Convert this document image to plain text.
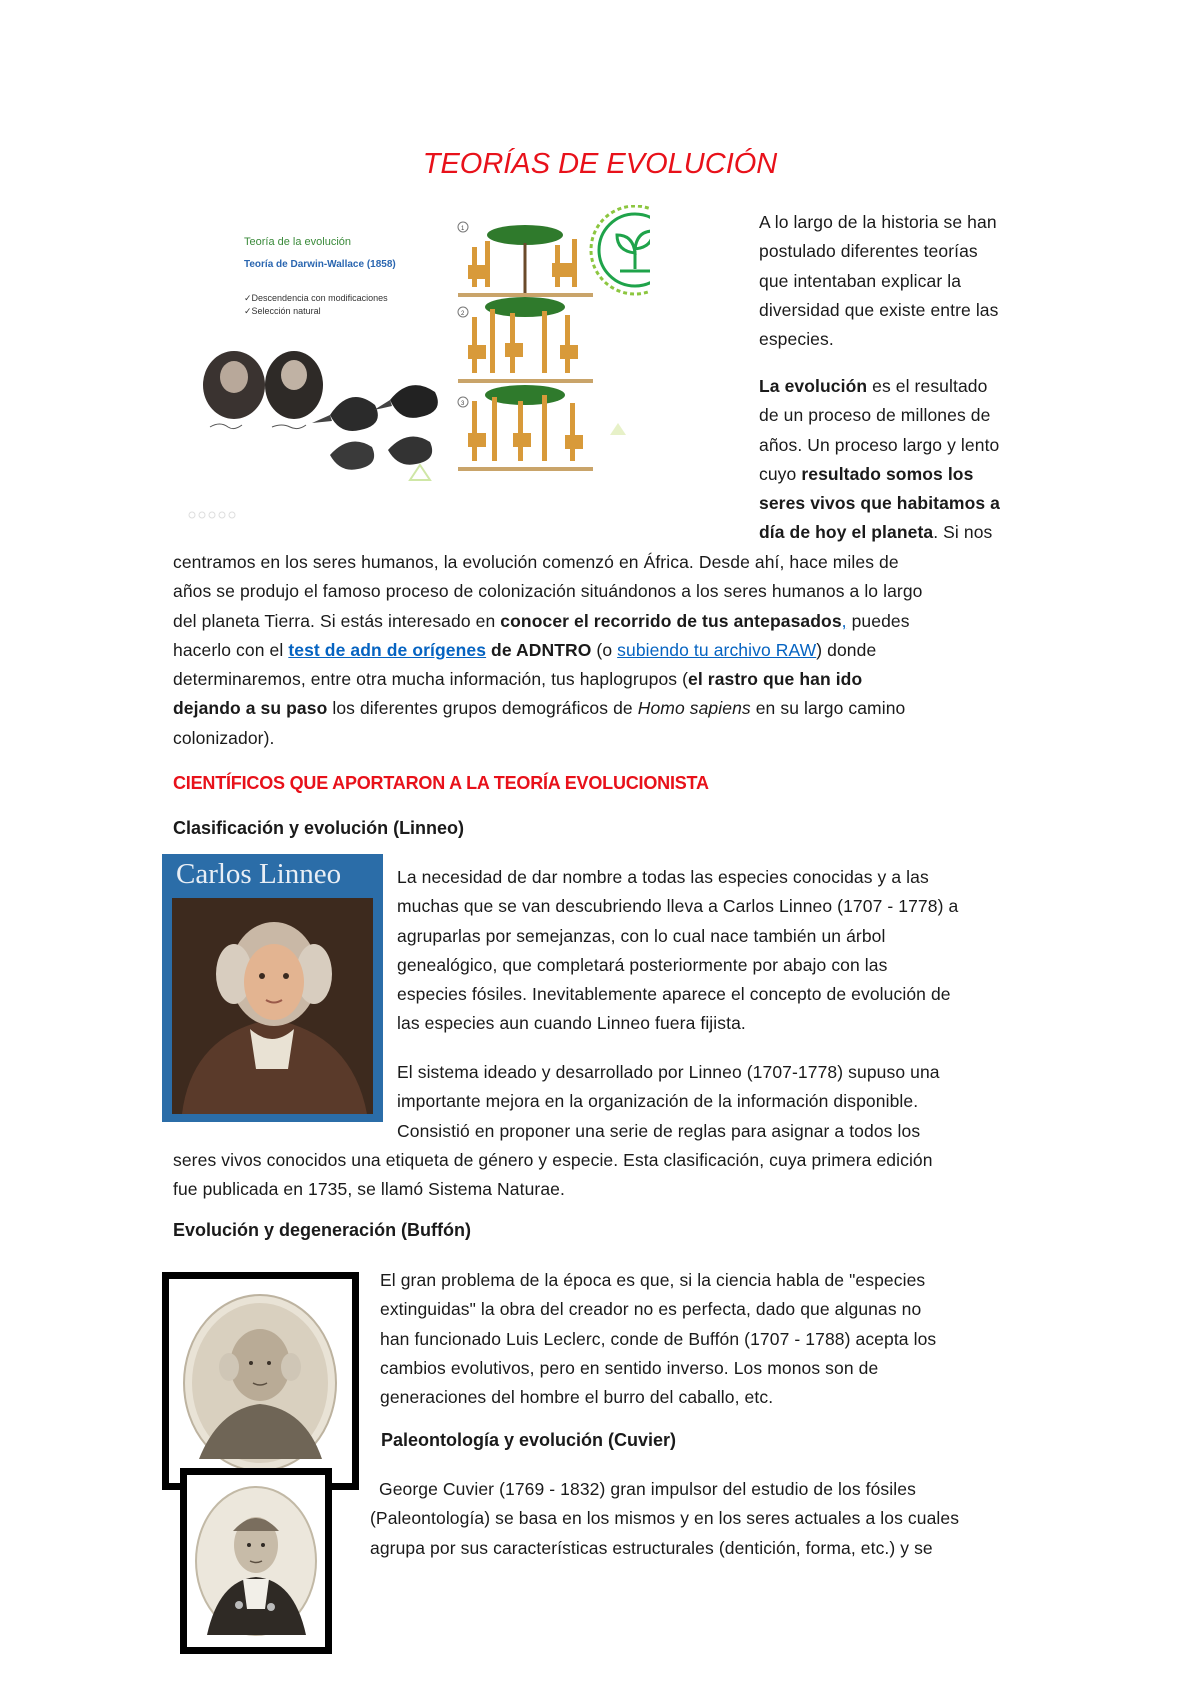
TEORÍAS DE EVOLUCIÓN
Teoría de la evolución
Teoría de Darwin-Wallace (1858)
✓Descendencia con modificaciones
✓Selección natural
1
2
3
A lo largo de la historia se han
postulado diferentes teorías
que intentaban explicar la
diversidad que existe entre las
especies.
La evolución es el resultado
de un proceso de millones de
años. Un proceso largo y lento
cuyo resultado somos los
seres vivos que habitamos a
día de hoy el planeta. Si nos
centramos en los seres humanos, la evolución comenzó en África. Desde ahí, hace miles de
años se produjo el famoso proceso de colonización situándonos a los seres humanos a lo largo
del planeta Tierra. Si estás interesado en conocer el recorrido de tus antepasados, puedes
hacerlo con el test de adn de orígenes de ADNTRO (o subiendo tu archivo RAW) donde
determinaremos, entre otra mucha información, tus haplogrupos (el rastro que han ido
dejando a su paso los diferentes grupos demográficos de Homo sapiens en su largo camino
colonizador).
CIENTÍFICOS QUE APORTARON A LA TEORÍA EVOLUCIONISTA
Clasificación y evolución (Linneo)
Carlos Linneo	La necesidad de dar nombre a todas las especies conocidas y a las
muchas que se van descubriendo lleva a Carlos Linneo (1707 - 1778) a
agruparlas por semejanzas, con lo cual nace también un árbol
genealógico, que completará posteriormente por abajo con las
especies fósiles. Inevitablemente aparece el concepto de evolución de
las especies aun cuando Linneo fuera fijista.
El sistema ideado y desarrollado por Linneo (1707-1778) supuso una
importante mejora en la organización de la información disponible.
Consistió en proponer una serie de reglas para asignar a todos los
seres vivos conocidos una etiqueta de género y especie. Esta clasificación, cuya primera edición
fue publicada en 1735, se llamó Sistema Naturae.
Evolución y degeneración (Buffón)
El gran problema de la época es que, si la ciencia habla de "especies
extinguidas" la obra del creador no es perfecta, dado que algunas no
han funcionado Luis Leclerc, conde de Buffón (1707 - 1788) acepta los
cambios evolutivos, pero en sentido inverso. Los monos son de
generaciones del hombre el burro del caballo, etc.
Paleontología y evolución (Cuvier)
George Cuvier (1769 - 1832) gran impulsor del estudio de los fósiles
(Paleontología) se basa en los mismos y en los seres actuales a los cuales
agrupa por sus características estructurales (dentición, forma, etc.) y se
